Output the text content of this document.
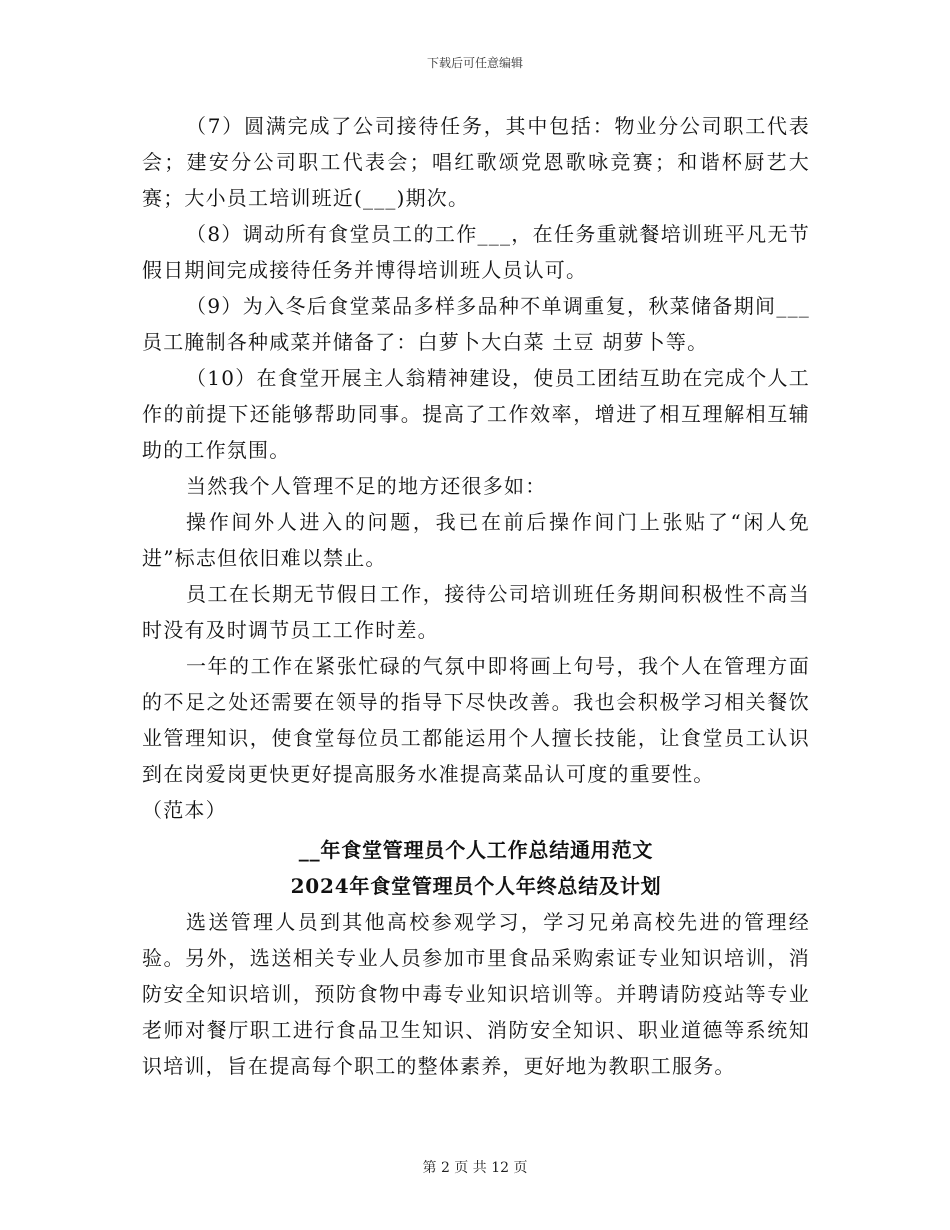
下载后可任意编辑

（7）圆满完成了公司接待任务，其中包括：物业分公司职工代表会；建安分公司职工代表会；唱红歌颂党恩歌咏竞赛；和谐杯厨艺大赛；大小员工培训班近(___)期次。

（8）调动所有食堂员工的工作___，在任务重就餐培训班平凡无节假日期间完成接待任务并博得培训班人员认可。

（9）为入冬后食堂菜品多样多品种不单调重复，秋菜储备期间___员工腌制各种咸菜并储备了：白萝卜大白菜 土豆 胡萝卜等。

（10）在食堂开展主人翁精神建设，使员工团结互助在完成个人工作的前提下还能够帮助同事。提高了工作效率，增进了相互理解相互辅助的工作氛围。

当然我个人管理不足的地方还很多如：

操作间外人进入的问题，我已在前后操作间门上张贴了“闲人免进”标志但依旧难以禁止。

员工在长期无节假日工作，接待公司培训班任务期间积极性不高当时没有及时调节员工工作时差。

一年的工作在紧张忙碌的气氛中即将画上句号，我个人在管理方面的不足之处还需要在领导的指导下尽快改善。我也会积极学习相关餐饮业管理知识，使食堂每位员工都能运用个人擅长技能，让食堂员工认识到在岗爱岗更快更好提高服务水准提高菜品认可度的重要性。

（范本）

__年食堂管理员个人工作总结通用范文

2024年食堂管理员个人年终总结及计划

选送管理人员到其他高校参观学习，学习兄弟高校先进的管理经验。另外，选送相关专业人员参加市里食品采购索证专业知识培训，消防安全知识培训，预防食物中毒专业知识培训等。并聘请防疫站等专业老师对餐厅职工进行食品卫生知识、消防安全知识、职业道德等系统知识培训，旨在提高每个职工的整体素养，更好地为教职工服务。

第 2 页 共 12 页
